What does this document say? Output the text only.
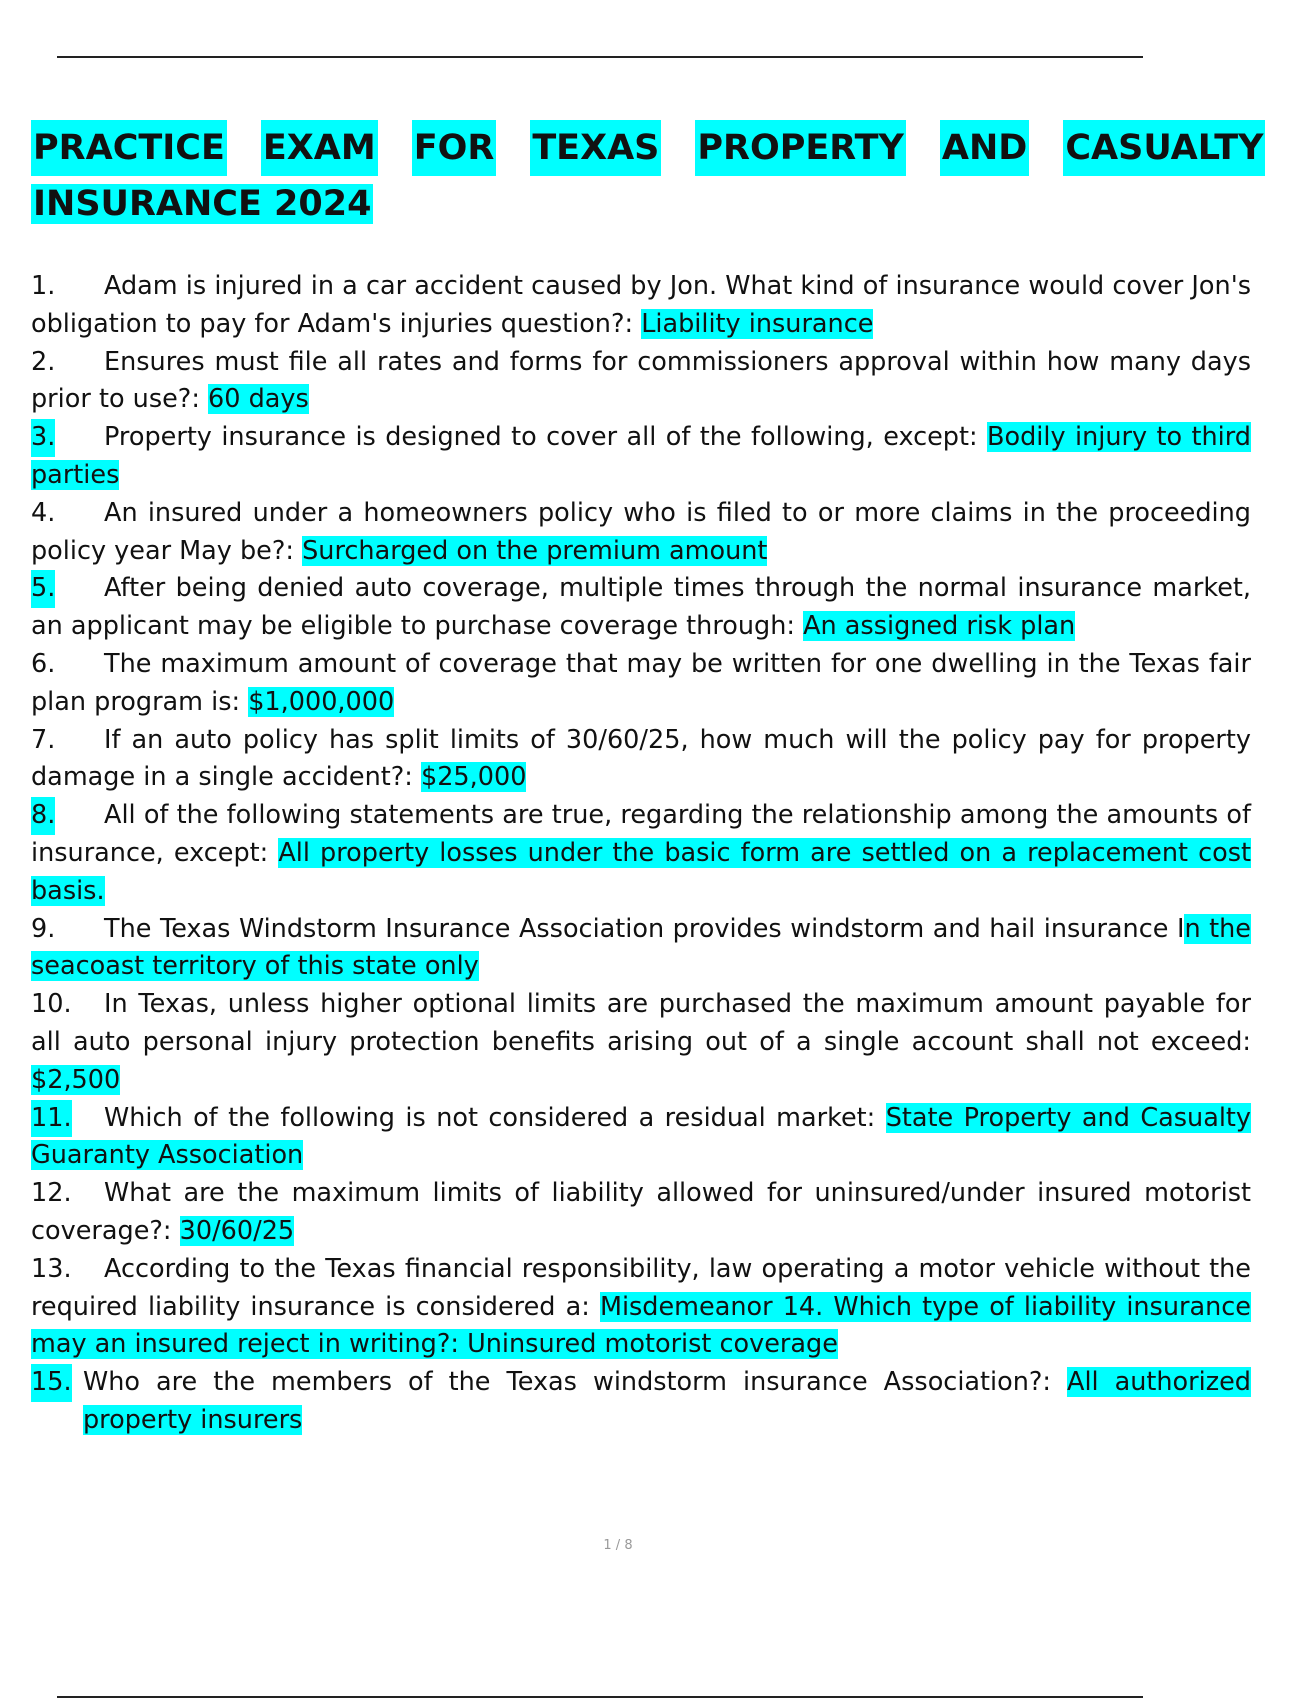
PRACTICE EXAM FOR TEXAS PROPERTY AND CASUALTY
INSURANCE 2024
1. Adam is injured in a car accident caused by Jon. What kind of insurance would cover Jon's obligation to pay for Adam's injuries question?: Liability insurance
2. Ensures must file all rates and forms for commissioners approval within how many days prior to use?: 60 days
3. Property insurance is designed to cover all of the following, except: Bodily injury to third parties
4. An insured under a homeowners policy who is filed to or more claims in the proceeding policy year May be?: Surcharged on the premium amount
5. After being denied auto coverage, multiple times through the normal insurance market, an applicant may be eligible to purchase coverage through: An assigned risk plan
6. The maximum amount of coverage that may be written for one dwelling in the Texas fair plan program is: $1,000,000
7. If an auto policy has split limits of 30/60/25, how much will the policy pay for property damage in a single accident?: $25,000
8. All of the following statements are true, regarding the relationship among the amounts of insurance, except: All property losses under the basic form are settled on a replacement cost basis.
9. The Texas Windstorm Insurance Association provides windstorm and hail insurance In the seacoast territory of this state only
10. In Texas, unless higher optional limits are purchased the maximum amount payable for all auto personal injury protection benefits arising out of a single account shall not exceed: $2,500
11. Which of the following is not considered a residual market: State Property and Casualty Guaranty Association
12. What are the maximum limits of liability allowed for uninsured/under insured motorist coverage?: 30/60/25
13. According to the Texas financial responsibility, law operating a motor vehicle without the required liability insurance is considered a: Misdemeanor 14. Which type of liability insurance may an insured reject in writing?: Uninsured motorist coverage
15. Who are the members of the Texas windstorm insurance Association?: All authorized property insurers
1 / 8
